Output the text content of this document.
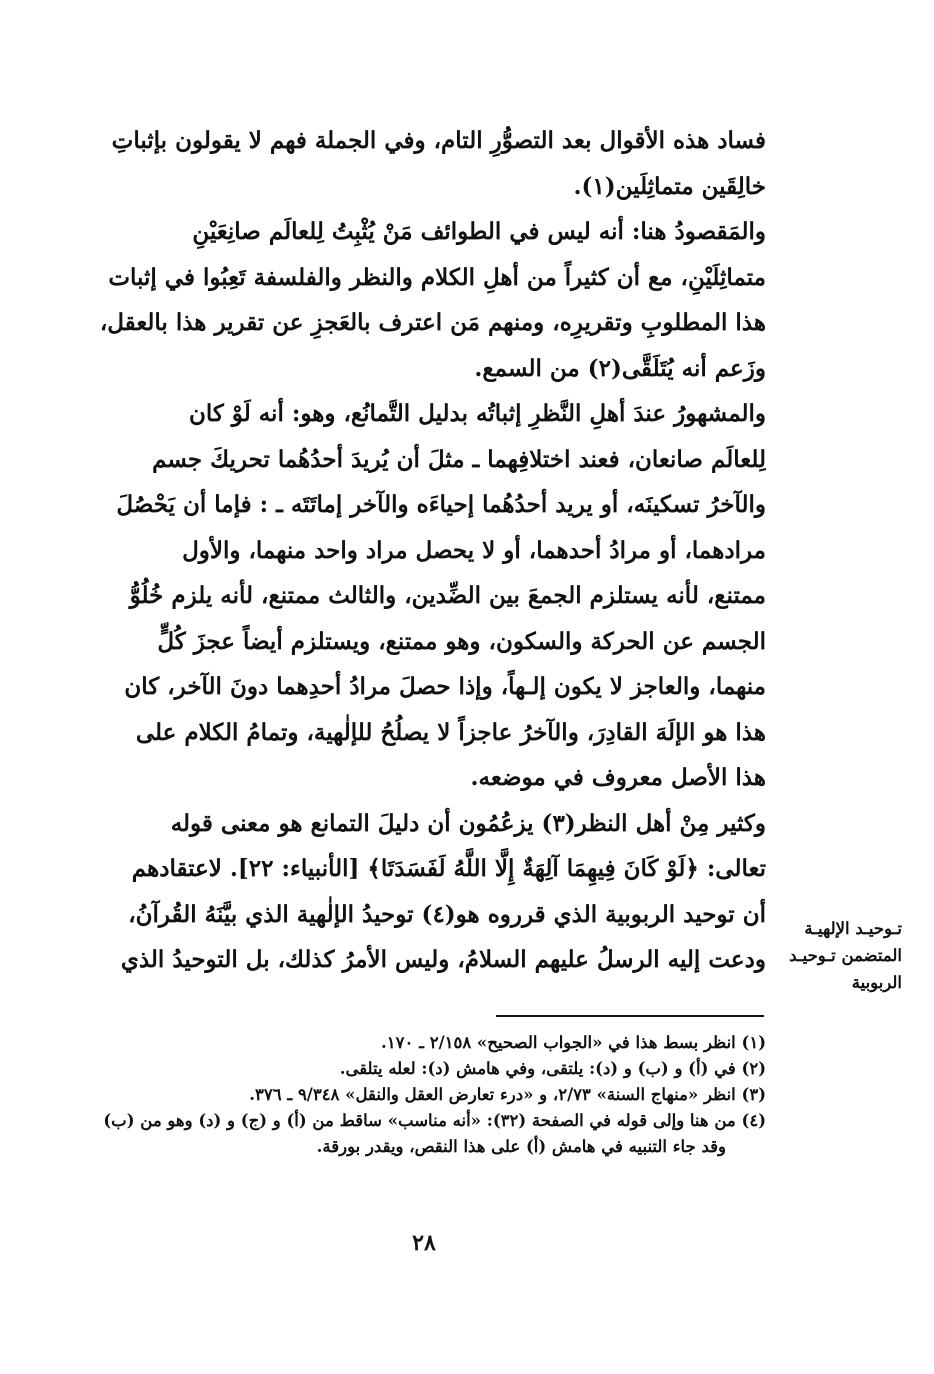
فساد هذه الأقوال بعد التصوُّرِ التام، وفي الجملة فهم لا يقولون بإثباتِ
خالِقَين متماثِلَين(١).
والمَقصودُ هنا: أنه ليس في الطوائف مَنْ يُثْبِتُ لِلعالَم صانِعَيْنِ
متماثِلَيْنِ، مع أن كثيراً من أهلِ الكلام والنظر والفلسفة تَعِبُوا في إثبات
هذا المطلوبِ وتقريرِه، ومنهم مَن اعترف بالعَجزِ عن تقرير هذا بالعقل،
وزَعم أنه يُتَلَقَّى(٢) من السمع.
والمشهورُ عندَ أهلِ النَّظرِ إثباتُه بدليل التَّمانُع، وهو: أنه لَوْ كان
لِلعالَم صانعان، فعند اختلافِهما ـ مثلَ أن يُريدَ أحدُهُما تحريكَ جسم
والآخرُ تسكينَه، أو يريد أحدُهُما إحياءَه والآخر إماتَتَه ـ : فإما أن يَحْصُلَ
مرادهما، أو مرادُ أحدهما، أو لا يحصل مراد واحد منهما، والأول
ممتنع، لأنه يستلزم الجمعَ بين الضِّدين، والثالث ممتنع، لأنه يلزم خُلُوُّ
الجسم عن الحركة والسكون، وهو ممتنع، ويستلزم أيضاً عجزَ كُلٍّ
منهما، والعاجز لا يكون إلـهاً، وإذا حصلَ مرادُ أحدِهما دونَ الآخر، كان
هذا هو الإلَهَ القادِرَ، والآخرُ عاجزاً لا يصلُحُ للإلٰهية، وتمامُ الكلام على
هذا الأصل معروف في موضعه.
وكثير مِنْ أهل النظر(٣) يزعُمُون أن دليلَ التمانع هو معنى قوله
تعالى: ﴿لَوْ كَانَ فِيهِمَا آلِهَةٌ إِلَّا اللَّهُ لَفَسَدَتَا﴾ [الأنبياء: ٢٢]. لاعتقادهم
أن توحيد الربوبية الذي قرروه هو(٤) توحيدُ الإلٰهية الذي بيَّنَهُ القُرآنُ،
ودعت إليه الرسلُ عليهم السلامُ، وليس الأمرُ كذلك، بل التوحيدُ الذي
تـوحيـد الإلهيـة
المتضمن تـوحيـد
الربوبية
(١) انظر بسط هذا في «الجواب الصحيح» ٢/١٥٨ ـ ١٧٠.
(٢) في (أ) و (ب) و (د): يلتقى، وفي هامش (د): لعله يتلقى.
(٣) انظر «منهاج السنة» ٢/٧٣، و «درء تعارض العقل والنقل» ٩/٣٤٨ ـ ٣٧٦.
(٤) من هنا وإلى قوله في الصفحة (٣٢): «أنه مناسب» ساقط من (أ) و (ج) و (د) وهو من (ب)
وقد جاء التنبيه في هامش (أ) على هذا النقص، ويقدر بورقة.
٢٨
